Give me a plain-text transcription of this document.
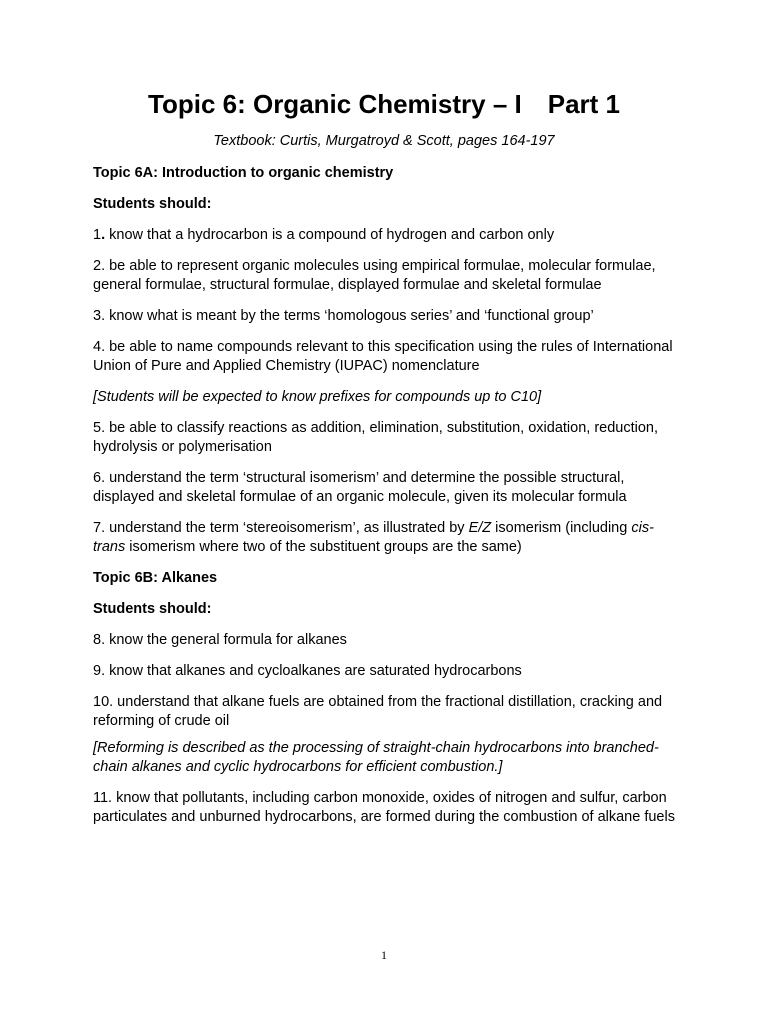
Topic 6: Organic Chemistry – I Part 1

Textbook: Curtis, Murgatroyd & Scott, pages 164-197

Topic 6A: Introduction to organic chemistry

Students should:

1. know that a hydrocarbon is a compound of hydrogen and carbon only

2. be able to represent organic molecules using empirical formulae, molecular formulae, general formulae, structural formulae, displayed formulae and skeletal formulae

3. know what is meant by the terms ‘homologous series’ and ‘functional group’

4. be able to name compounds relevant to this specification using the rules of International Union of Pure and Applied Chemistry (IUPAC) nomenclature

[Students will be expected to know prefixes for compounds up to C10]

5. be able to classify reactions as addition, elimination, substitution, oxidation, reduction, hydrolysis or polymerisation

6. understand the term ‘structural isomerism’ and determine the possible structural, displayed and skeletal formulae of an organic molecule, given its molecular formula

7. understand the term ‘stereoisomerism’, as illustrated by E/Z isomerism (including cis-trans isomerism where two of the substituent groups are the same)

Topic 6B: Alkanes

Students should:

8. know the general formula for alkanes

9. know that alkanes and cycloalkanes are saturated hydrocarbons

10. understand that alkane fuels are obtained from the fractional distillation, cracking and reforming of crude oil

[Reforming is described as the processing of straight-chain hydrocarbons into branched-chain alkanes and cyclic hydrocarbons for efficient combustion.]

11. know that pollutants, including carbon monoxide, oxides of nitrogen and sulfur, carbon particulates and unburned hydrocarbons, are formed during the combustion of alkane fuels

1
